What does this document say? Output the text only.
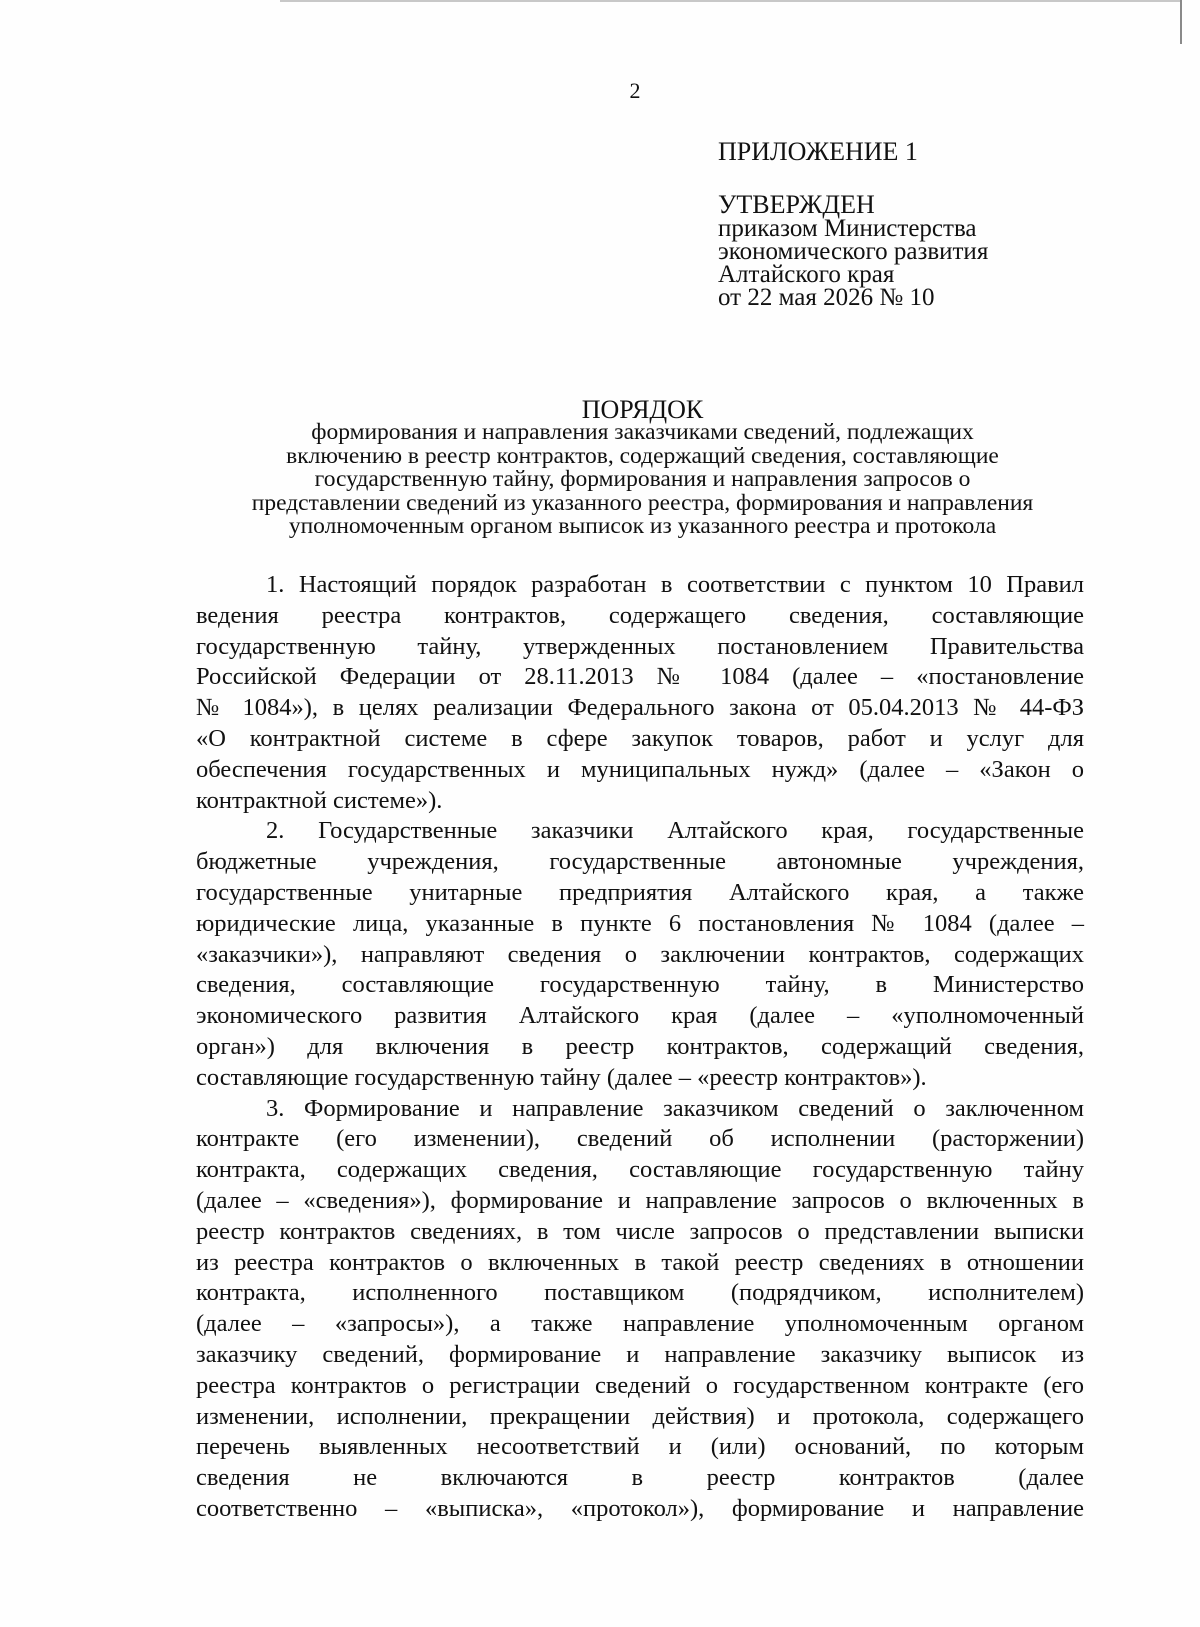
2
ПРИЛОЖЕНИЕ 1
УТВЕРЖДЕН
приказом Министерства
экономического развития
Алтайского края
от 22 мая 2026 № 10
ПОРЯДОК
формирования и направления заказчиками сведений, подлежащих
включению в реестр контрактов, содержащий сведения, составляющие
государственную тайну, формирования и направления запросов о
представлении сведений из указанного реестра, формирования и направления
уполномоченным органом выписок из указанного реестра и протокола
1. Настоящий порядок разработан в соответствии с пунктом 10 Правил
ведения реестра контрактов, содержащего сведения, составляющие
государственную тайну, утвержденных постановлением Правительства
Российской Федерации от 28.11.2013 № 1084 (далее – «постановление
№ 1084»), в целях реализации Федерального закона от 05.04.2013 № 44-ФЗ
«О контрактной системе в сфере закупок товаров, работ и услуг для
обеспечения государственных и муниципальных нужд» (далее – «Закон о
контрактной системе»).
2. Государственные заказчики Алтайского края, государственные
бюджетные учреждения, государственные автономные учреждения,
государственные унитарные предприятия Алтайского края, а также
юридические лица, указанные в пункте 6 постановления № 1084 (далее –
«заказчики»), направляют сведения о заключении контрактов, содержащих
сведения, составляющие государственную тайну, в Министерство
экономического развития Алтайского края (далее – «уполномоченный
орган») для включения в реестр контрактов, содержащий сведения,
составляющие государственную тайну (далее – «реестр контрактов»).
3. Формирование и направление заказчиком сведений о заключенном
контракте (его изменении), сведений об исполнении (расторжении)
контракта, содержащих сведения, составляющие государственную тайну
(далее – «сведения»), формирование и направление запросов о включенных в
реестр контрактов сведениях, в том числе запросов о представлении выписки
из реестра контрактов о включенных в такой реестр сведениях в отношении
контракта, исполненного поставщиком (подрядчиком, исполнителем)
(далее – «запросы»), а также направление уполномоченным органом
заказчику сведений, формирование и направление заказчику выписок из
реестра контрактов о регистрации сведений о государственном контракте (его
изменении, исполнении, прекращении действия) и протокола, содержащего
перечень выявленных несоответствий и (или) оснований, по которым
сведения не включаются в реестр контрактов (далее
соответственно – «выписка», «протокол»), формирование и направление
